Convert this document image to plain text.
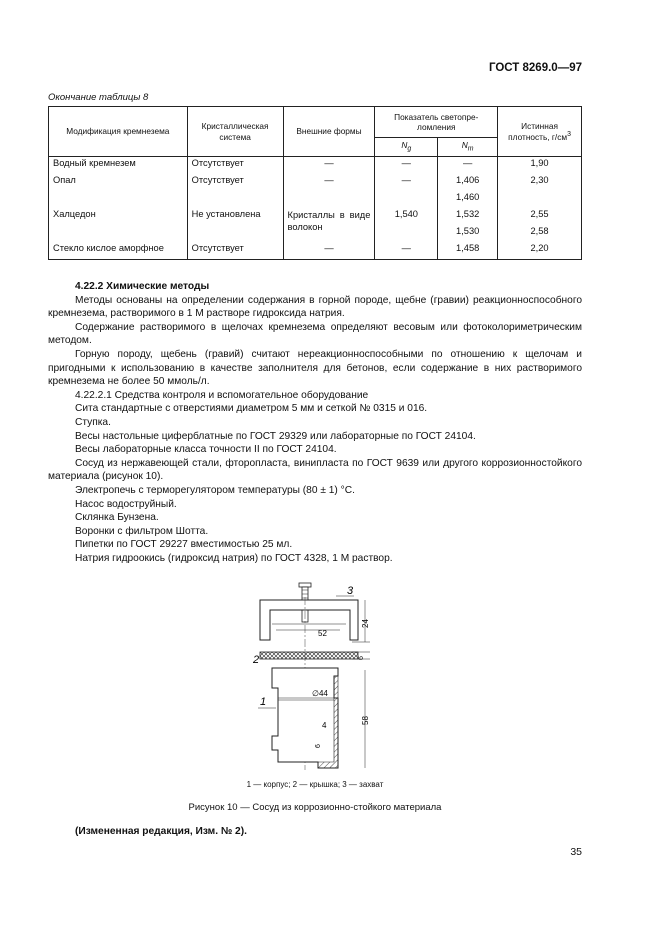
ГОСТ 8269.0—97
Окончание таблицы 8
Модификация кремнезема	Кристаллическая система	Внешние формы	Показатель светопре-ломления		Истинная плотность, $г/см^3$
			$N_g$	$N_m$
Водный кремнезем	Отсутствует	—	—	—	1,90
Опал	Отсутствует	—	—	1,406	2,30
				1,460	
Халцедон	Не установлена	Кристаллы в виде волокон	1,540	1,532	2,55
				1,530	2,58
Стекло кислое аморфное	Отсутствует	—	—	1,458	2,20

4.22.2 Химические методы

Методы основаны на определении содержания в горной породе, щебне (гравии) реакционноспособного кремнезема, растворимого в 1 М растворе гидроксида натрия.

Содержание растворимого в щелочах кремнезема определяют весовым или фотоколориметрическим методом.

Горную породу, щебень (гравий) считают нереакционноспособными по отношению к щелочам и пригодными к использованию в качестве заполнителя для бетонов, если содержание в них растворимого кремнезема не более 50 ммоль/л.

4.22.2.1 Средства контроля и вспомогательное оборудование

Сита стандартные с отверстиями диаметром 5 мм и сеткой № 0315 и 016.

Ступка.

Весы настольные циферблатные по ГОСТ 29329 или лабораторные по ГОСТ 24104.

Весы лабораторные класса точности II по ГОСТ 24104.

Сосуд из нержавеющей стали, фторопласта, винипласта по ГОСТ 9639 или другого коррозионностойкого материала (рисунок 10).

Электропечь с терморегулятором температуры (80 ± 1) °С.

Насос водоструйный.

Склянка Бунзена.

Воронки с фильтром Шотта.

Пипетки по ГОСТ 29227 вместимостью 25 мл.

Натрия гидроокись (гидроксид натрия) по ГОСТ 4328, 1 М раствор.

24
6
58
52
∅44
4
6
3
2
1
1 — корпус; 2 — крышка; 3 — захват
Рисунок 10 — Сосуд из коррозионно-стойкого материала
(Измененная редакция, Изм. № 2).
35
